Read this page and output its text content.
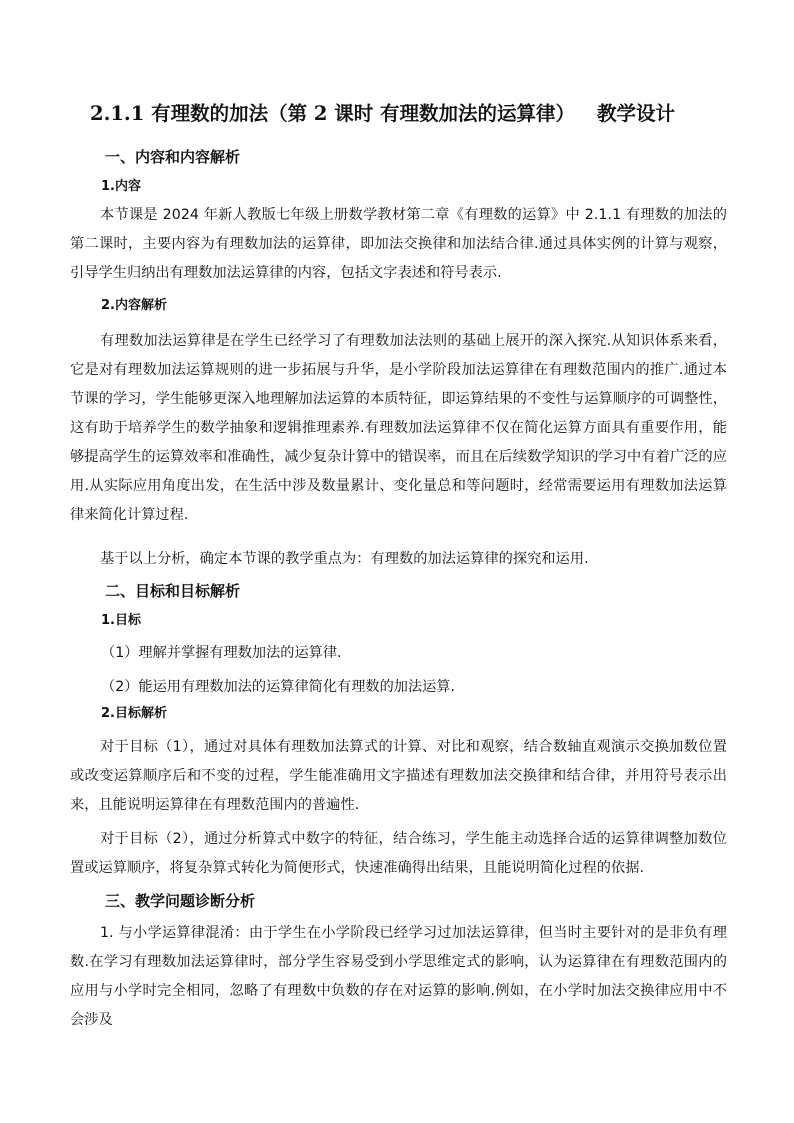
2.1.1 有理数的加法（第 2 课时 有理数加法的运算律） 教学设计
一、内容和内容解析
1.内容
本节课是 2024 年新人教版七年级上册数学教材第二章《有理数的运算》中 2.1.1 有理数的加法的第二课时，主要内容为有理数加法的运算律，即加法交换律和加法结合律.通过具体实例的计算与观察，引导学生归纳出有理数加法运算律的内容，包括文字表述和符号表示.
2.内容解析
有理数加法运算律是在学生已经学习了有理数加法法则的基础上展开的深入探究.从知识体系来看，它是对有理数加法运算规则的进一步拓展与升华，是小学阶段加法运算律在有理数范围内的推广.通过本节课的学习，学生能够更深入地理解加法运算的本质特征，即运算结果的不变性与运算顺序的可调整性，这有助于培养学生的数学抽象和逻辑推理素养.有理数加法运算律不仅在简化运算方面具有重要作用，能够提高学生的运算效率和准确性，减少复杂计算中的错误率，而且在后续数学知识的学习中有着广泛的应用.从实际应用角度出发，在生活中涉及数量累计、变化量总和等问题时，经常需要运用有理数加法运算律来简化计算过程.
基于以上分析，确定本节课的教学重点为：有理数的加法运算律的探究和运用.
二、目标和目标解析
1.目标
（1）理解并掌握有理数加法的运算律.
（2）能运用有理数加法的运算律简化有理数的加法运算.
2.目标解析
对于目标（1），通过对具体有理数加法算式的计算、对比和观察，结合数轴直观演示交换加数位置或改变运算顺序后和不变的过程，学生能准确用文字描述有理数加法交换律和结合律，并用符号表示出来，且能说明运算律在有理数范围内的普遍性.
对于目标（2），通过分析算式中数字的特征，结合练习，学生能主动选择合适的运算律调整加数位置或运算顺序，将复杂算式转化为简便形式，快速准确得出结果，且能说明简化过程的依据.
三、教学问题诊断分析
1. 与小学运算律混淆：由于学生在小学阶段已经学习过加法运算律，但当时主要针对的是非负有理数.在学习有理数加法运算律时，部分学生容易受到小学思维定式的影响，认为运算律在有理数范围内的应用与小学时完全相同，忽略了有理数中负数的存在对运算的影响.例如，在小学时加法交换律应用中不会涉及
